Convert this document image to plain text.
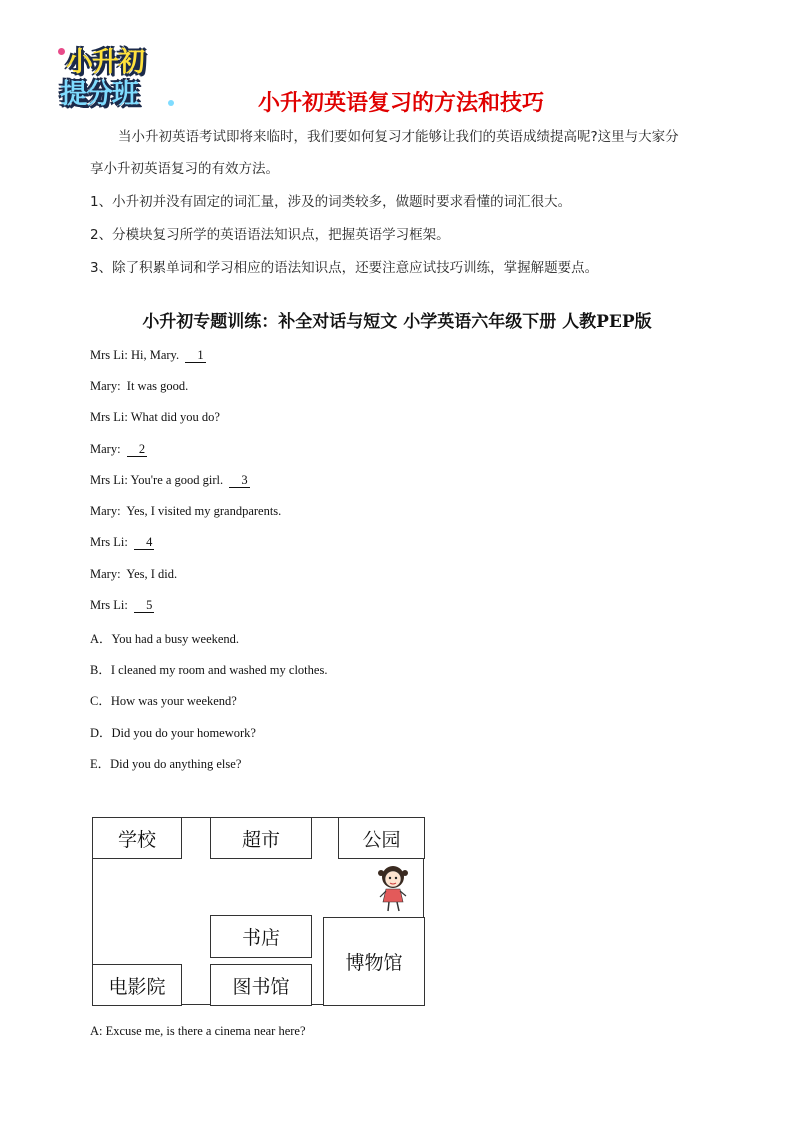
小升初
提分班	小升初英语复习的方法和技巧
当小升初英语考试即将来临时，我们要如何复习才能够让我们的英语成绩提高呢?这里与大家分
享小升初英语复习的有效方法。
1、小升初并没有固定的词汇量，涉及的词类较多，做题时要求看懂的词汇很大。
2、分模块复习所学的英语语法知识点，把握英语学习框架。
3、除了积累单词和学习相应的语法知识点，还要注意应试技巧训练，掌握解题要点。
小升初专题训练：补全对话与短文 小学英语六年级下册 人教PEP版
Mrs Li: Hi, Mary.  1
Mary:  It was good.
Mrs Li: What did you do?
Mary:  2
Mrs Li: You're a good girl.  3
Mary:  Yes, I visited my grandparents.
Mrs Li:  4
Mary:  Yes, I did.
Mrs Li:  5
A．You had a busy weekend.
B．I cleaned my room and washed my clothes.
C．How was your weekend?
D．Did you do your homework?
E．Did you do anything else?
学校	超市	公园
书店
博物馆
电影院	图书馆
A: Excuse me, is there a cinema near here?
